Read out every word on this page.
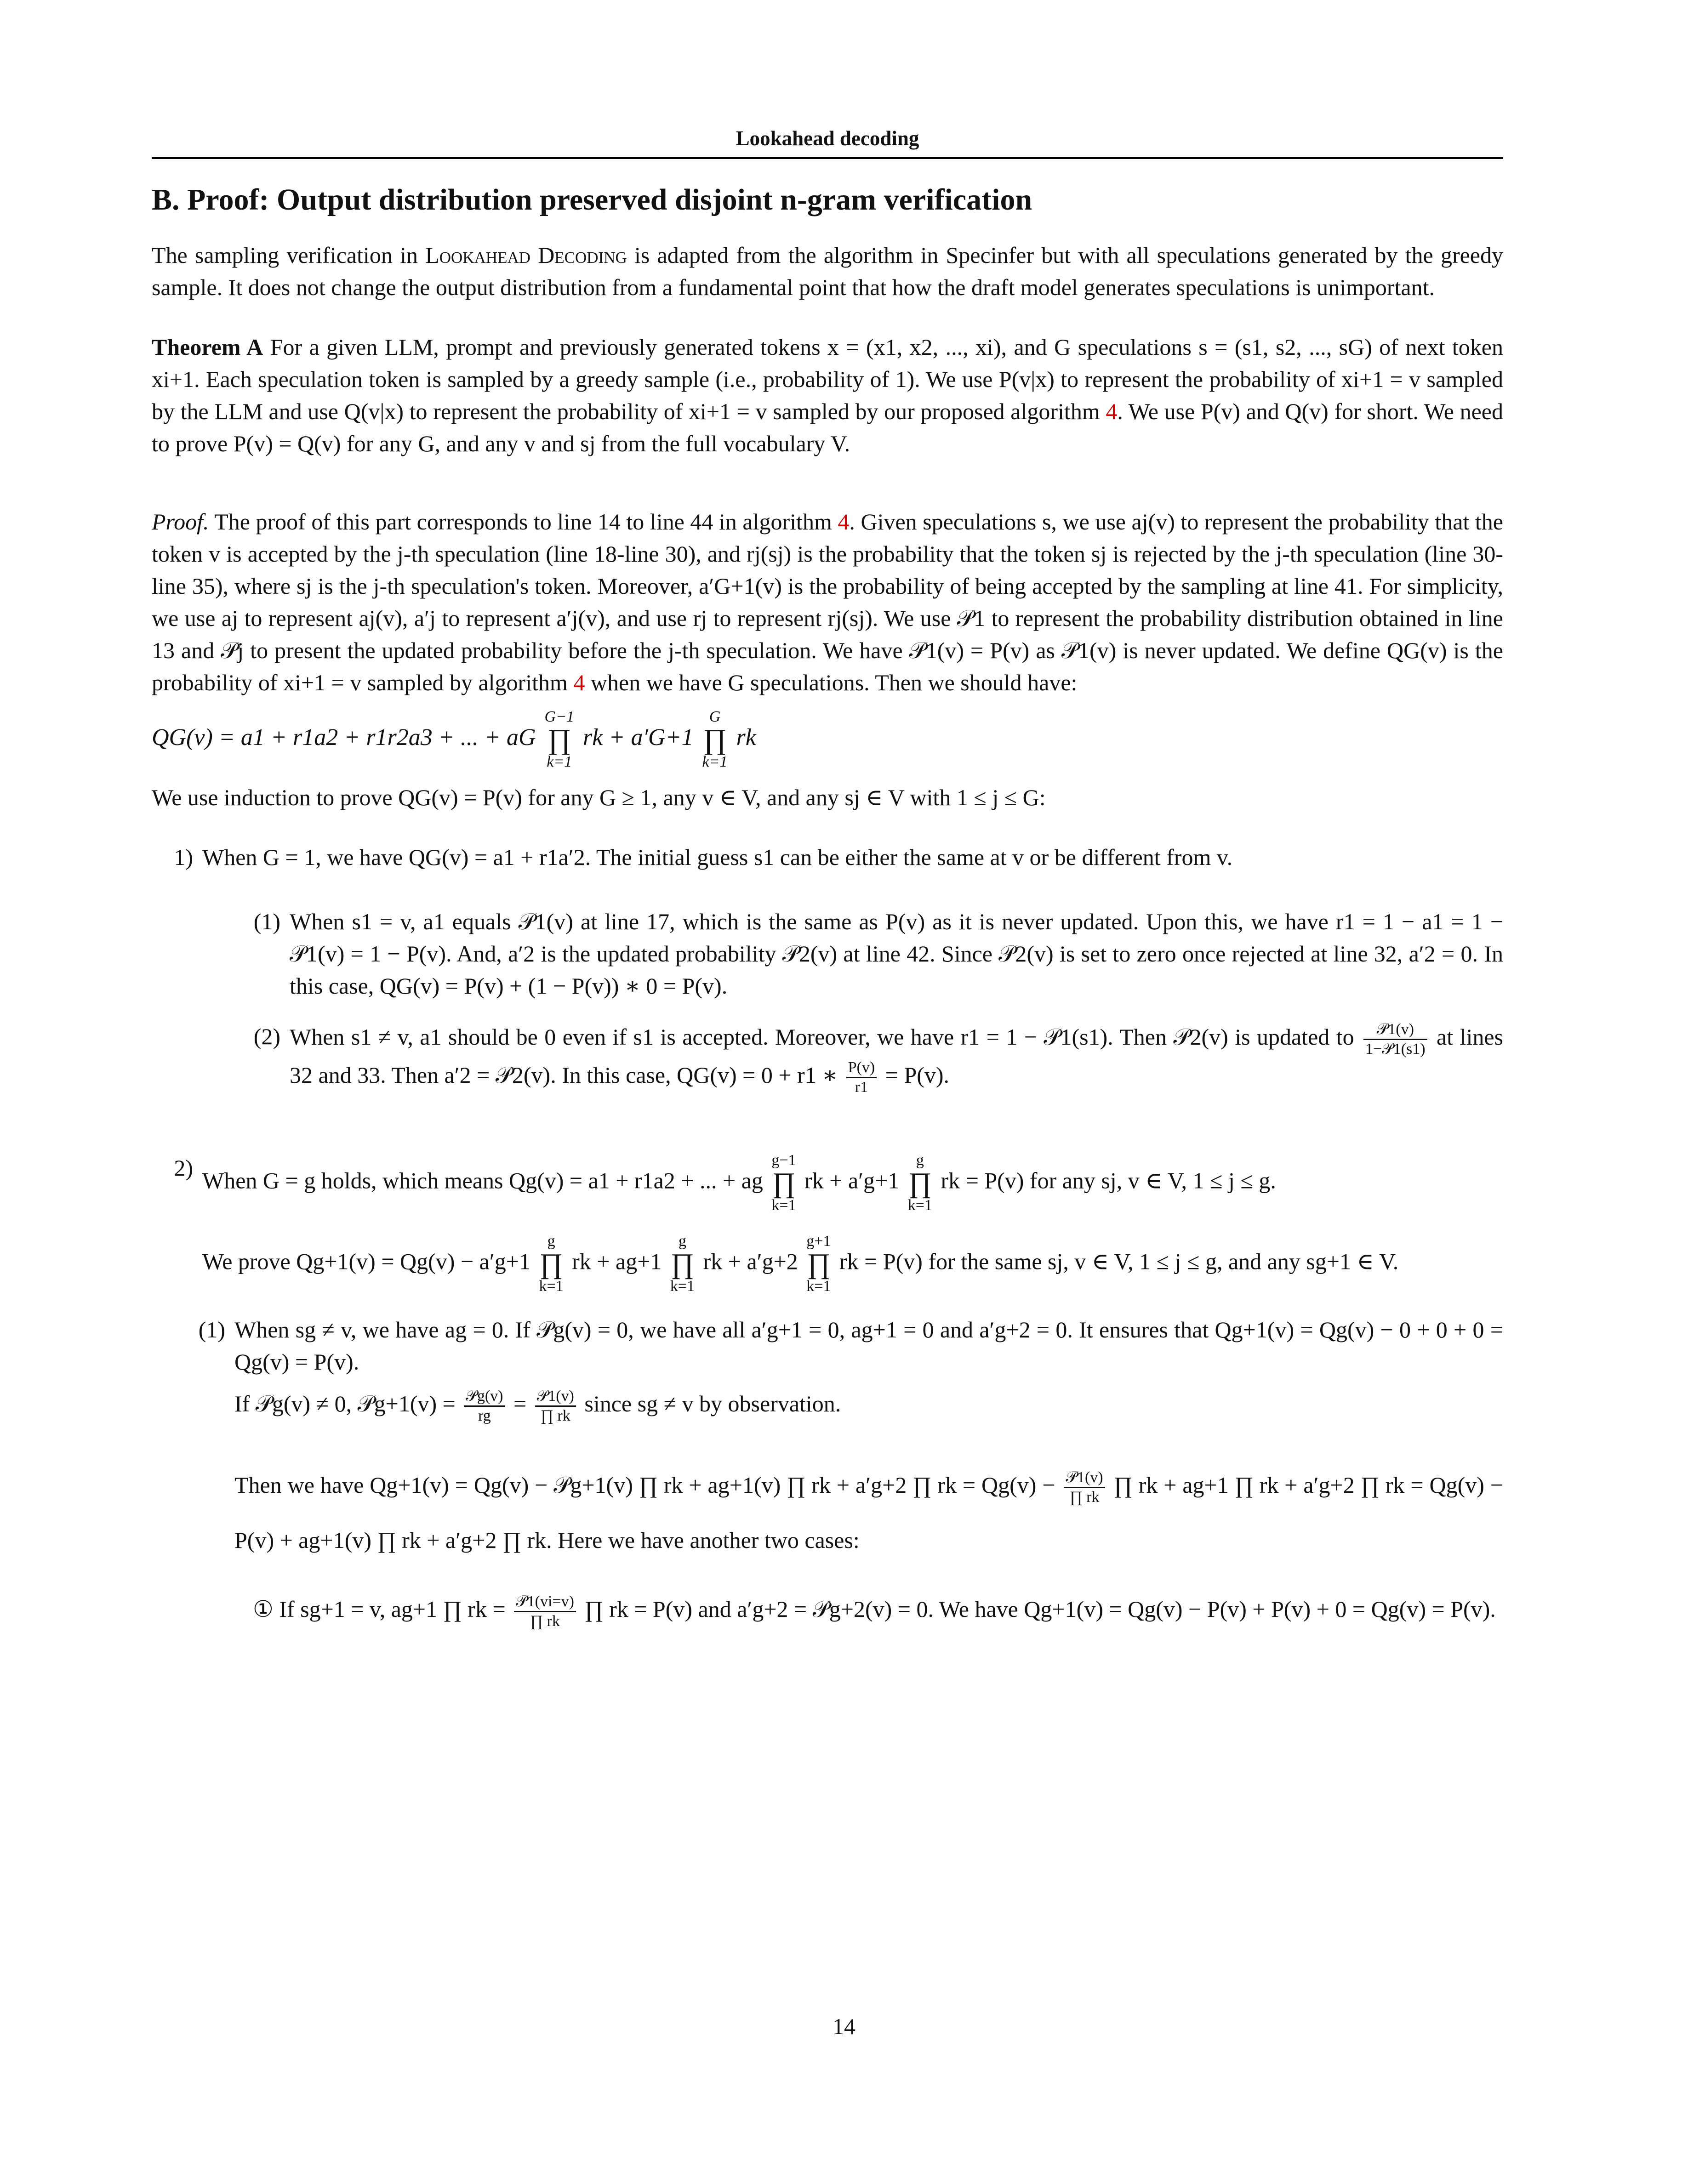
Lookahead decoding
B. Proof: Output distribution preserved disjoint n-gram verification

The sampling verification in Lookahead Decoding is adapted from the algorithm in Specinfer but with all speculations generated by the greedy sample. It does not change the output distribution from a fundamental point that how the draft model generates speculations is unimportant.

Theorem A For a given LLM, prompt and previously generated tokens x = (x1, x2, ..., xi), and G speculations s = (s1, s2, ..., sG) of next token xi+1. Each speculation token is sampled by a greedy sample (i.e., probability of 1). We use P(v|x) to represent the probability of xi+1 = v sampled by the LLM and use Q(v|x) to represent the probability of xi+1 = v sampled by our proposed algorithm 4. We use P(v) and Q(v) for short. We need to prove P(v) = Q(v) for any G, and any v and sj from the full vocabulary V.

Proof. The proof of this part corresponds to line 14 to line 44 in algorithm 4. Given speculations s, we use aj(v) to represent the probability that the token v is accepted by the j-th speculation (line 18-line 30), and rj(sj) is the probability that the token sj is rejected by the j-th speculation (line 30-line 35), where sj is the j-th speculation's token. Moreover, a′G+1(v) is the probability of being accepted by the sampling at line 41. For simplicity, we use aj to represent aj(v), a′j to represent a′j(v), and use rj to represent rj(sj). We use 𝒫1 to represent the probability distribution obtained in line 13 and 𝒫j to present the updated probability before the j-th speculation. We have 𝒫1(v) = P(v) as 𝒫1(v) is never updated. We define QG(v) is the probability of xi+1 = v sampled by algorithm 4 when we have G speculations. Then we should have:

QG(v) = a1 + r1a2 + r1r2a3 + ... + aG G−1
∏
k=1 rk + a′G+1 G
∏
k=1 rk

We use induction to prove QG(v) = P(v) for any G ≥ 1, any v ∈ V, and any sj ∈ V with 1 ≤ j ≤ G:

1) When G = 1, we have QG(v) = a1 + r1a′2. The initial guess s1 can be either the same at v or be different from v.
(1) When s1 = v, a1 equals 𝒫1(v) at line 17, which is the same as P(v) as it is never updated. Upon this, we have r1 = 1 − a1 = 1 − 𝒫1(v) = 1 − P(v). And, a′2 is the updated probability 𝒫2(v) at line 42. Since 𝒫2(v) is set to zero once rejected at line 32, a′2 = 0. In this case, QG(v) = P(v) + (1 − P(v)) ∗ 0 = P(v).
(2) When s1 ≠ v, a1 should be 0 even if s1 is accepted. Moreover, we have r1 = 1 − 𝒫1(s1). Then 𝒫2(v) is updated to $\frac{\text{𝒫1(v)}}{\text{1−𝒫1(s1)}}$ at lines 32 and 33. Then a′2 = 𝒫2(v). In this case, QG(v) = 0 + r1 ∗ $\frac{P(v)}{r1} = P(v)$.
2) When G = g holds, which means Qg(v) = a1 + r1a2 + ... + ag g−1
∏
k=1 rk + a′g+1 g
∏
k=1 rk = P(v) for any sj, v ∈ V, 1 ≤ j ≤ g.
We prove Qg+1(v) = Qg(v) − a′g+1 g
∏
k=1 rk + ag+1 g
∏
k=1 rk + a′g+2 g+1
∏
k=1 rk = P(v) for the same sj, v ∈ V, 1 ≤ j ≤ g, and any sg+1 ∈ V.
(1) When sg ≠ v, we have ag = 0. If 𝒫g(v) = 0, we have all a′g+1 = 0, ag+1 = 0 and a′g+2 = 0. It ensures that Qg+1(v) = Qg(v) − 0 + 0 + 0 = Qg(v) = P(v).
If 𝒫g(v) ≠ 0, 𝒫g+1(v) = $\frac{\text{𝒫g(v)}}{rg} = \frac{\text{𝒫1(v)}}{\prod rk}$ since sg ≠ v by observation.
Then we have Qg+1(v) = Qg(v) − 𝒫g+1(v) ∏ rk + ag+1(v) ∏ rk + a′g+2 ∏ rk = $Qg(v) - \frac{\text{𝒫1(v)}}{\prod rk}$ ∏ rk + ag+1 ∏ rk + a′g+2 ∏ rk = Qg(v) − P(v) + ag+1(v) ∏ rk + a′g+2 ∏ rk. Here we have another two cases:
① If sg+1 = v, ag+1 ∏ rk = $\frac{\text{𝒫1(vi=v)}}{\prod rk}$ ∏ rk = P(v) and a′g+2 = 𝒫g+2(v) = 0. We have Qg+1(v) = Qg(v) − P(v) + P(v) + 0 = Qg(v) = P(v).
14
